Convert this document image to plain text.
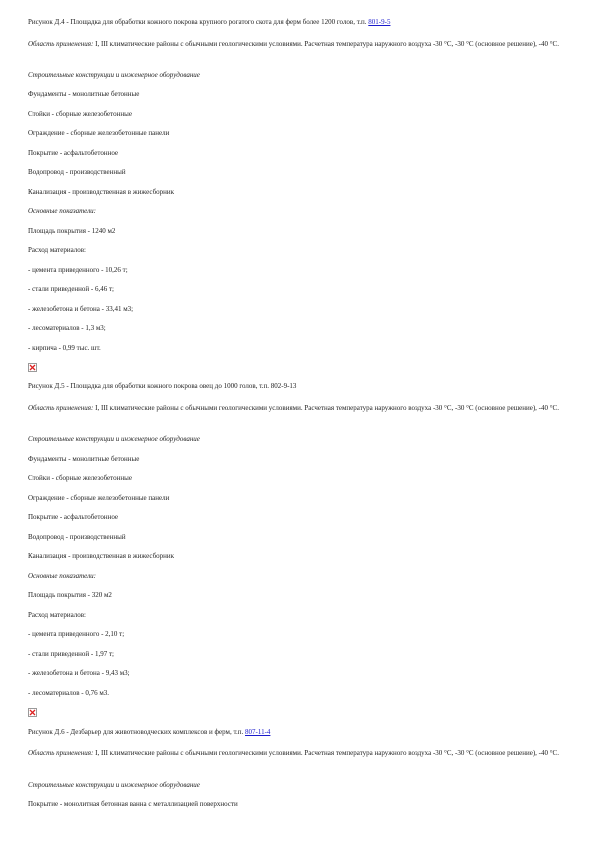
Рисунок Д.4 - Площадка для обработки кожного покрова крупного рогатого скота для ферм более 1200 голов, т.п. 801-9-5
Область применения: I, III климатические районы с обычными геологическими условиями. Расчетная температура наружного воздуха -30 °С, -30 °С (основное решение), -40 °С.
Строительные конструкции и инженерное оборудование
Фундаменты - монолитные бетонные
Стойки - сборные железобетонные
Ограждение - сборные железобетонные панели
Покрытие - асфальтобетонное
Водопровод - производственный
Канализация - производственная в жижесборник
Основные показатели:
Площадь покрытия - 1240 м2
Расход материалов:
- цемента приведенного - 10,26 т;
- стали приведенной - 6,46 т;
- железобетона и бетона - 33,41 м3;
- лесоматериалов - 1,3 м3;
- кирпича - 0,99 тыс. шт.
Рисунок Д.5 - Площадка для обработки кожного покрова овец до 1000 голов, т.п. 802-9-13
Область применения: I, III климатические районы с обычными геологическими условиями. Расчетная температура наружного воздуха -30 °С, -30 °С (основное решение), -40 °С.
Строительные конструкции и инженерное оборудование
Фундаменты - монолитные бетонные
Стойки - сборные железобетонные
Ограждение - сборные железобетонные панели
Покрытие - асфальтобетонное
Водопровод - производственный
Канализация - производственная в жижесборник
Основные показатели:
Площадь покрытия - 320 м2
Расход материалов:
- цемента приведенного - 2,10 т;
- стали приведенной - 1,97 т;
- железобетона и бетона - 9,43 м3;
- лесоматериалов - 0,76 м3.
Рисунок Д.6 - Дезбарьер для животноводческих комплексов и ферм, т.п. 807-11-4
Область применения: I, III климатические районы с обычными геологическими условиями. Расчетная температура наружного воздуха -30 °С, -30 °С (основное решение), -40 °С.
Строительные конструкции и инженерное оборудование
Покрытие - монолитная бетонная ванна с металлизацией поверхности
